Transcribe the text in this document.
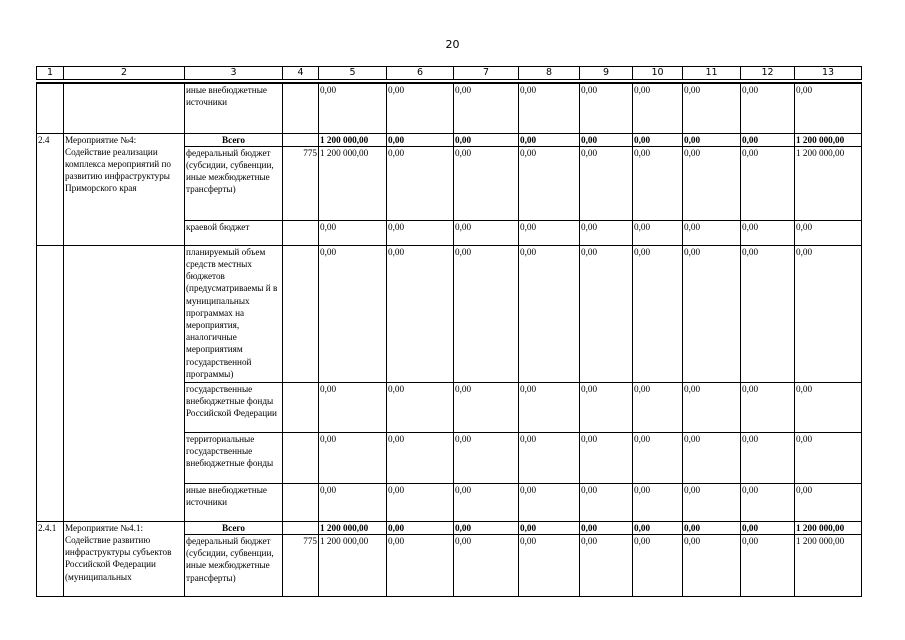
20
1	2	3	4	5	6	7	8	9	10	11	12	13
		иные внебюджетные источники		0,00	0,00	0,00	0,00	0,00	0,00	0,00	0,00	0,00
2.4	Мероприятие №4: Содействие реализации комплекса мероприятий по развитию инфраструктуры Приморского края	Всего		1 200 000,00	0,00	0,00	0,00	0,00	0,00	0,00	0,00	1 200 000,00
		федеральный бюджет (субсидии, субвенции, иные межбюджетные трансферты)	775	1 200 000,00	0,00	0,00	0,00	0,00	0,00	0,00	0,00	1 200 000,00
		краевой бюджет		0,00	0,00	0,00	0,00	0,00	0,00	0,00	0,00	0,00
		планируемый объем средств местных бюджетов (предусматриваемы й в муниципальных программах на мероприятия, аналогичные мероприятиям государственной программы)		0,00	0,00	0,00	0,00	0,00	0,00	0,00	0,00	0,00
		государственные внебюджетные фонды Российской Федерации		0,00	0,00	0,00	0,00	0,00	0,00	0,00	0,00	0,00
		территориальные государственные внебюджетные фонды		0,00	0,00	0,00	0,00	0,00	0,00	0,00	0,00	0,00
		иные внебюджетные источники		0,00	0,00	0,00	0,00	0,00	0,00	0,00	0,00	0,00
2.4.1	Мероприятие №4.1: Содействие развитию инфраструктуры субъектов Российской Федерации (муниципальных	Всего		1 200 000,00	0,00	0,00	0,00	0,00	0,00	0,00	0,00	1 200 000,00
		федеральный бюджет (субсидии, субвенции, иные межбюджетные трансферты)	775	1 200 000,00	0,00	0,00	0,00	0,00	0,00	0,00	0,00	1 200 000,00
